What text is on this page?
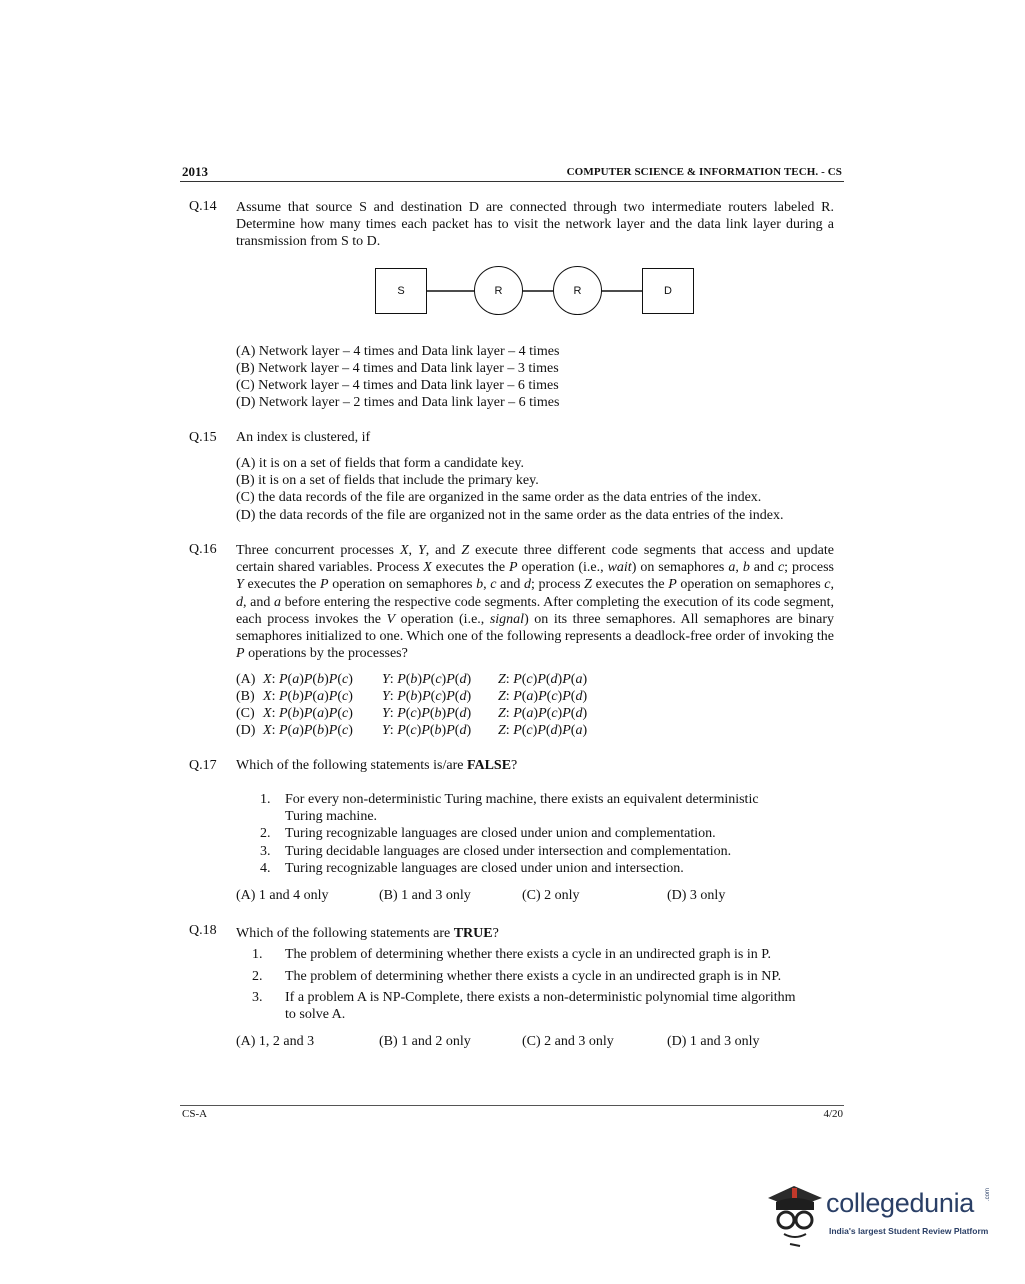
2013	COMPUTER SCIENCE & INFORMATION TECH. - CS
Q.14 Assume that source S and destination D are connected through two intermediate routers labeled R. Determine how many times each packet has to visit the network layer and the data link layer during a transmission from S to D.
S	R	R	D
(A) Network layer – 4 times and Data link layer – 4 times
(B) Network layer – 4 times and Data link layer – 3 times
(C) Network layer – 4 times and Data link layer – 6 times
(D) Network layer – 2 times and Data link layer – 6 times
Q.15 An index is clustered, if
(A) it is on a set of fields that form a candidate key.
(B) it is on a set of fields that include the primary key.
(C) the data records of the file are organized in the same order as the data entries of the index.
(D) the data records of the file are organized not in the same order as the data entries of the index.
Q.16 Three concurrent processes X, Y, and Z execute three different code segments that access and update certain shared variables. Process X executes the P operation (i.e., wait) on semaphores a, b and c; process Y executes the P operation on semaphores b, c and d; process Z executes the P operation on semaphores c, d, and a before entering the respective code segments. After completing the execution of its code segment, each process invokes the V operation (i.e., signal) on its three semaphores. All semaphores are binary semaphores initialized to one. Which one of the following represents a deadlock-free order of invoking the P operations by the processes?
(A) X: P(a)P(b)P(c) Y: P(b)P(c)P(d) Z: P(c)P(d)P(a)
(B) X: P(b)P(a)P(c) Y: P(b)P(c)P(d) Z: P(a)P(c)P(d)
(C) X: P(b)P(a)P(c) Y: P(c)P(b)P(d) Z: P(a)P(c)P(d)
(D) X: P(a)P(b)P(c) Y: P(c)P(b)P(d) Z: P(c)P(d)P(a)
Q.17 Which of the following statements is/are FALSE?
1. For every non-deterministic Turing machine, there exists an equivalent deterministic
Turing machine.
2. Turing recognizable languages are closed under union and complementation.
3. Turing decidable languages are closed under intersection and complementation.
4. Turing recognizable languages are closed under union and intersection.
(A) 1 and 4 only	(B) 1 and 3 only	(C) 2 only	(D) 3 only
Q.18 Which of the following statements are TRUE?
1. The problem of determining whether there exists a cycle in an undirected graph is in P.
2. The problem of determining whether there exists a cycle in an undirected graph is in NP.
3. If a problem A is NP-Complete, there exists a non-deterministic polynomial time algorithm
to solve A.
(A) 1, 2 and 3	(B) 1 and 2 only	(C) 2 and 3 only	(D) 1 and 3 only
CS-A	4/20
collegedunia .com
India's largest Student Review Platform
